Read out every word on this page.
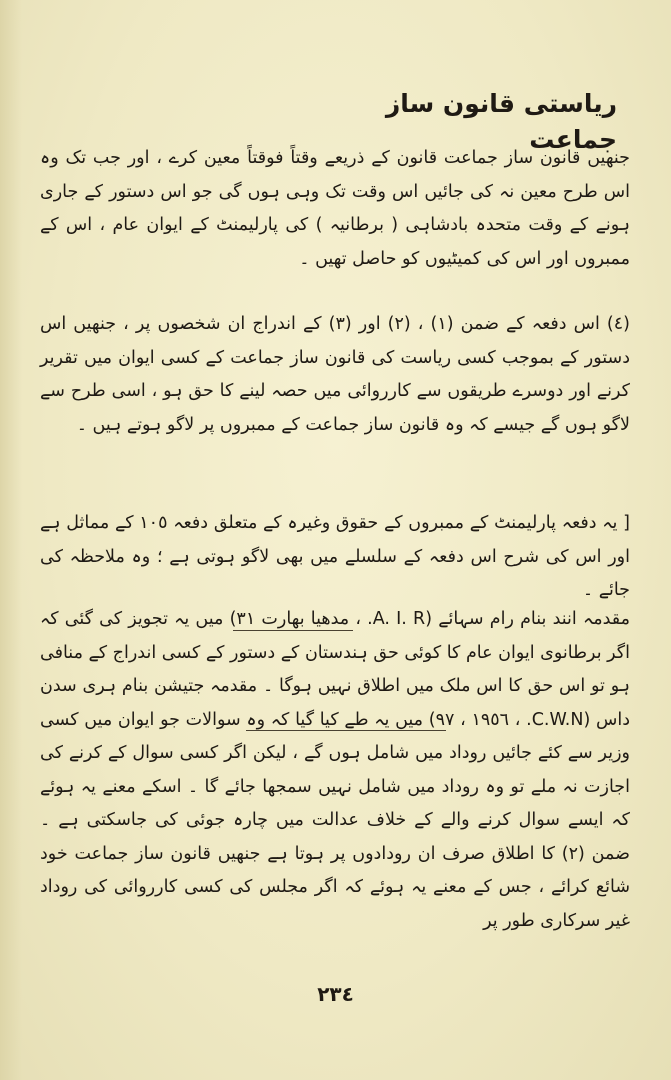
ریاستی قانون ساز جماعت
جنھیں قانون ساز جماعت قانون کے ذریعے وقتاً فوقتاً معین کرے ، اور جب تک وہ اس طرح معین نہ کی جائیں اس وقت تک وہی ہوں گی جو اس دستور کے جاری ہونے کے وقت متحدہ بادشاہی ( برطانیہ ) کی پارلیمنٹ کے ایوان عام ، اس کے ممبروں اور اس کی کمیٹیوں کو حاصل تھیں ۔
(٤) اس دفعہ کے ضمن (١) ، (٢) اور (٣) کے اندراج ان شخصوں پر ، جنھیں اس دستور کے بموجب کسی ریاست کی قانون ساز جماعت کے کسی ایوان میں تقریر کرنے اور دوسرے طریقوں سے کارروائی میں حصہ لینے کا حق ہو ، اسی طرح سے لاگو ہوں گے جیسے کہ وہ قانون ساز جماعت کے ممبروں پر لاگو ہوتے ہیں ۔
[ یہ دفعہ پارلیمنٹ کے ممبروں کے حقوق وغیرہ کے متعلق دفعہ ١٠٥ کے مماثل ہے اور اس کی شرح اس دفعہ کے سلسلے میں بھی لاگو ہوتی ہے ؛ وہ ملاحظہ کی جائے ۔
مقدمہ انند بنام رام سہائے (A. I. R. ، مدھیا بھارت ٣١) میں یہ تجویز کی گئی کہ اگر برطانوی ایوان عام کا کوئی حق ہندستان کے دستور کے کسی اندراج کے منافی ہو تو اس حق کا اس ملک میں اطلاق نہیں ہوگا ۔ مقدمہ جتیشن بنام ہری سدن داس (C.W.N. ، ١٩٥٦ ، ٩٧) میں یہ طے کیا گیا کہ وہ سوالات جو ایوان میں کسی وزیر سے کئے جائیں روداد میں شامل ہوں گے ، لیکن اگر کسی سوال کے کرنے کی اجازت نہ ملے تو وہ روداد میں شامل نہیں سمجھا جائے گا ۔ اسکے معنے یہ ہوئے کہ ایسے سوال کرنے والے کے خلاف عدالت میں چارہ جوئی کی جاسکتی ہے ۔ ضمن (٢) کا اطلاق صرف ان رودادوں پر ہوتا ہے جنھیں قانون ساز جماعت خود شائع کرائے ، جس کے معنے یہ ہوئے کہ اگر مجلس کی کسی کارروائی کی روداد غیر سرکاری طور پر
٢٣٤
